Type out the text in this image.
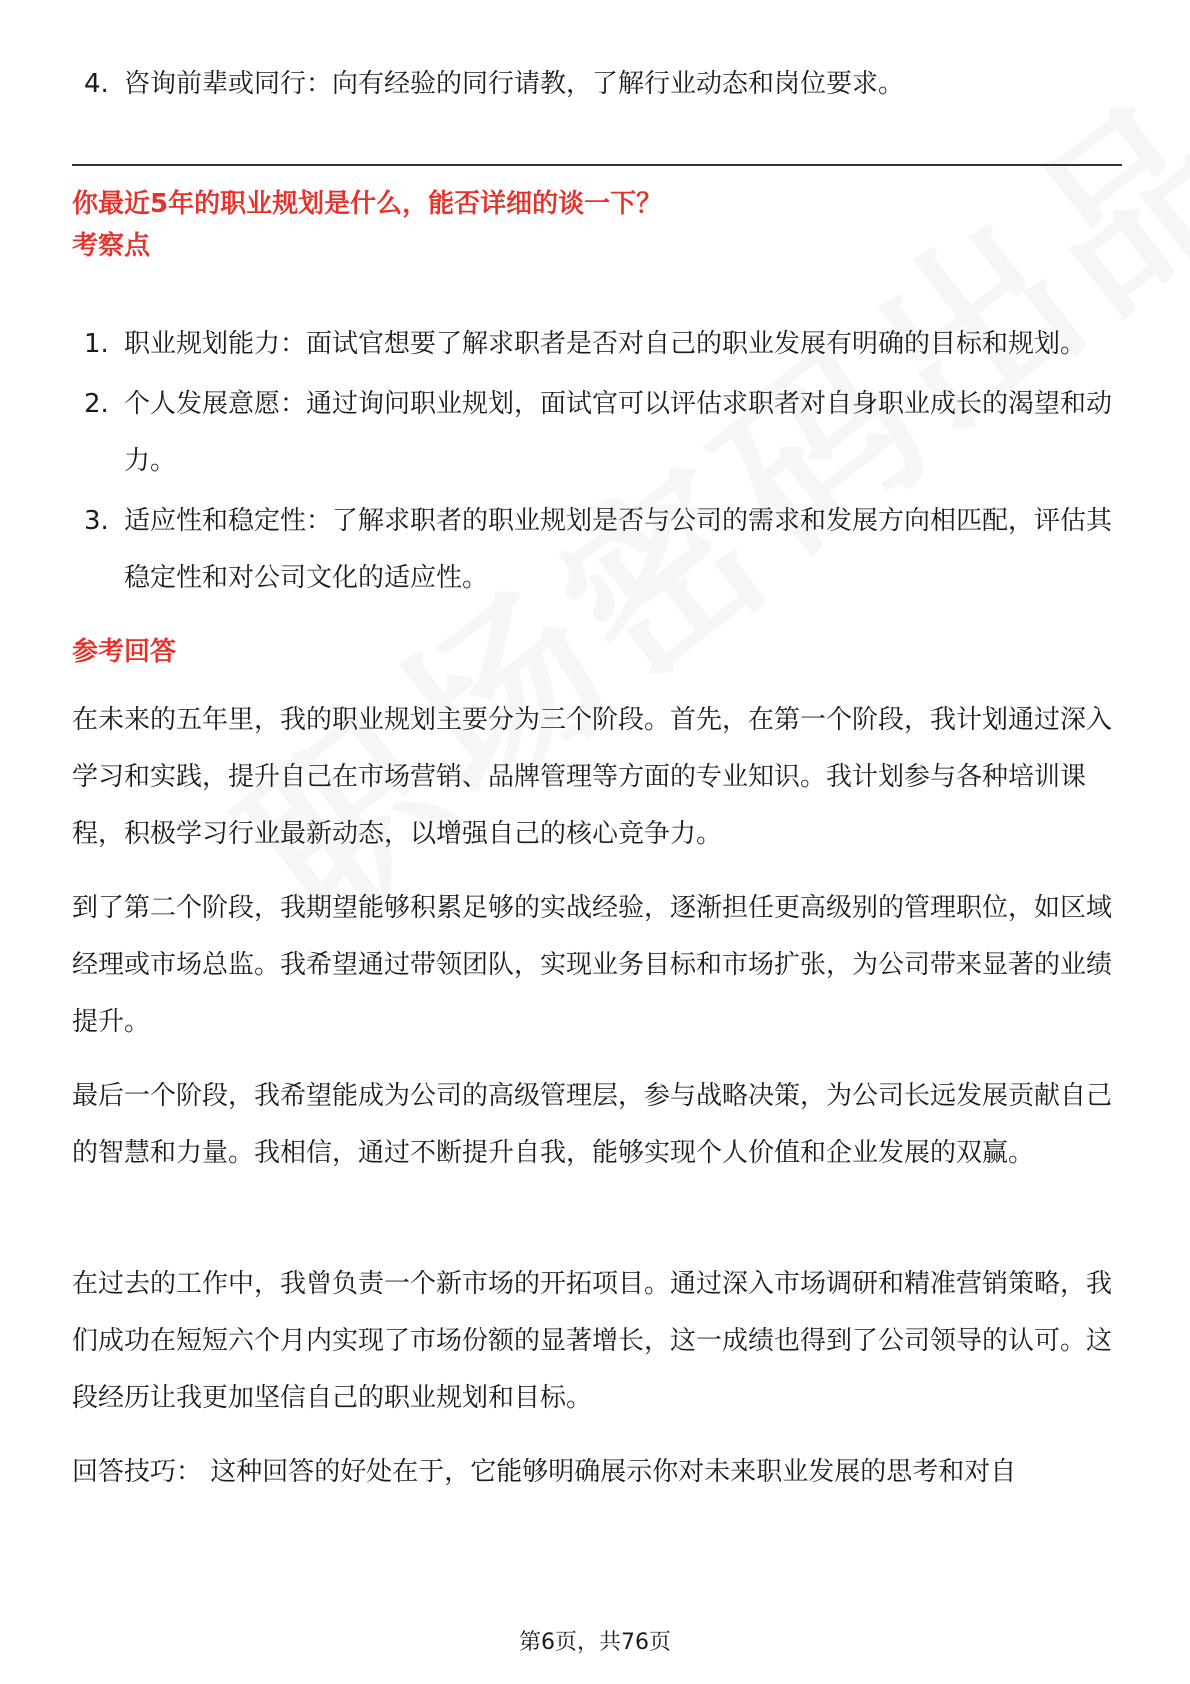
4. 咨询前辈或同行：向有经验的同行请教，了解行业动态和岗位要求。
你最近5年的职业规划是什么，能否详细的谈一下？
考察点
1. 职业规划能力：面试官想要了解求职者是否对自己的职业发展有明确的目标和规划。
2. 个人发展意愿：通过询问职业规划，面试官可以评估求职者对自身职业成长的渴望和动力。
3. 适应性和稳定性：了解求职者的职业规划是否与公司的需求和发展方向相匹配，评估其稳定性和对公司文化的适应性。
参考回答

在未来的五年里，我的职业规划主要分为三个阶段。首先，在第一个阶段，我计划通过深入学习和实践，提升自己在市场营销、品牌管理等方面的专业知识。我计划参与各种培训课程，积极学习行业最新动态，以增强自己的核心竞争力。

到了第二个阶段，我期望能够积累足够的实战经验，逐渐担任更高级别的管理职位，如区域经理或市场总监。我希望通过带领团队，实现业务目标和市场扩张，为公司带来显著的业绩提升。

最后一个阶段，我希望能成为公司的高级管理层，参与战略决策，为公司长远发展贡献自己的智慧和力量。我相信，通过不断提升自我，能够实现个人价值和企业发展的双赢。

在过去的工作中，我曾负责一个新市场的开拓项目。通过深入市场调研和精准营销策略，我们成功在短短六个月内实现了市场份额的显著增长，这一成绩也得到了公司领导的认可。这段经历让我更加坚信自己的职业规划和目标。

回答技巧： 这种回答的好处在于，它能够明确展示你对未来职业发展的思考和对自

第6页，共76页
